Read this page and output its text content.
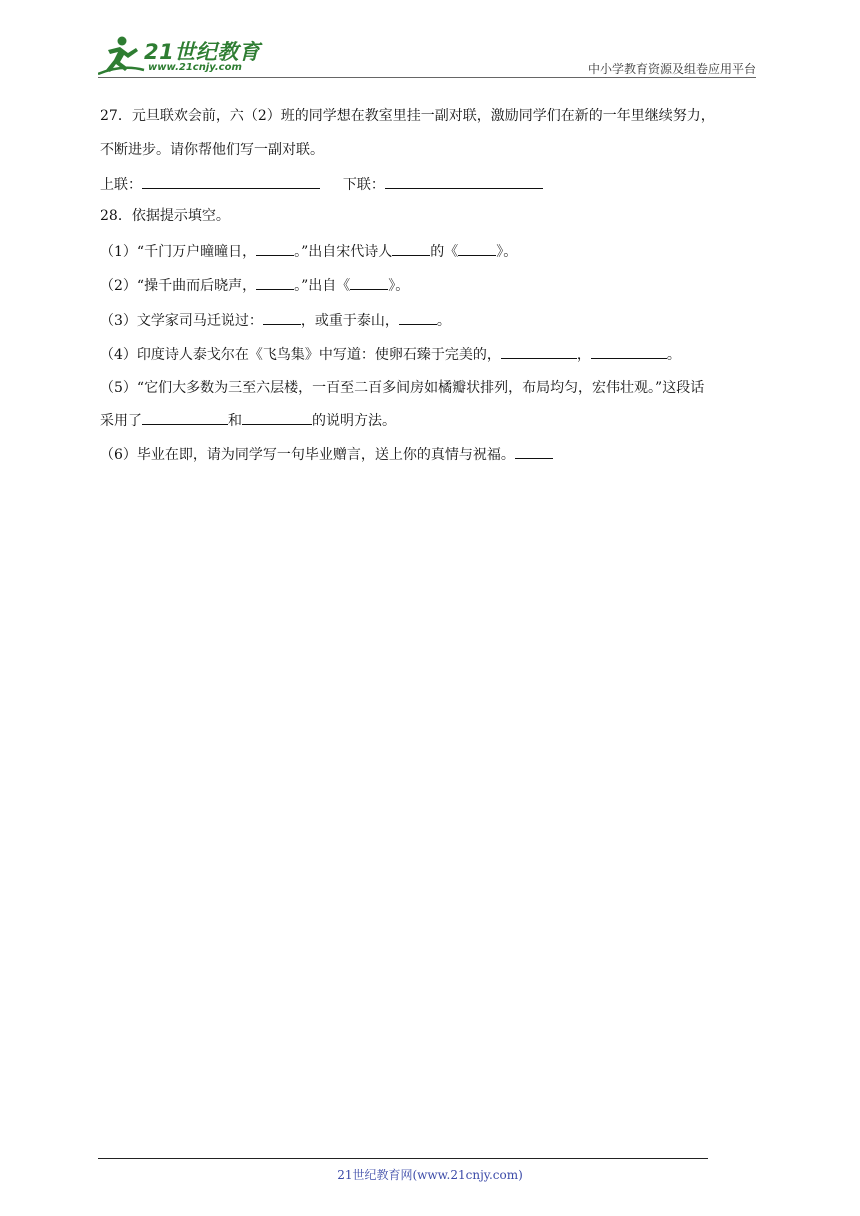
21世纪教育
www.21cnjy.com	中小学教育资源及组卷应用平台
27．元旦联欢会前，六（2）班的同学想在教室里挂一副对联，激励同学们在新的一年里继续努力，
不断进步。请你帮他们写一副对联。
上联：	下联：
28．依据提示填空。
（1）“千门万户曈曈日，	。”出自宋代诗人	的《	》。
（2）“操千曲而后晓声，	。”出自《	》。
（3）文学家司马迁说过：	，或重于泰山，	。
（4）印度诗人泰戈尔在《飞鸟集》中写道：使卵石臻于完美的，	，	。
（5）“它们大多数为三至六层楼，一百至二百多间房如橘瓣状排列，布局均匀，宏伟壮观。”这段话
采用了	和	的说明方法。
（6）毕业在即，请为同学写一句毕业赠言，送上你的真情与祝福。
21世纪教育网(www.21cnjy.com)
